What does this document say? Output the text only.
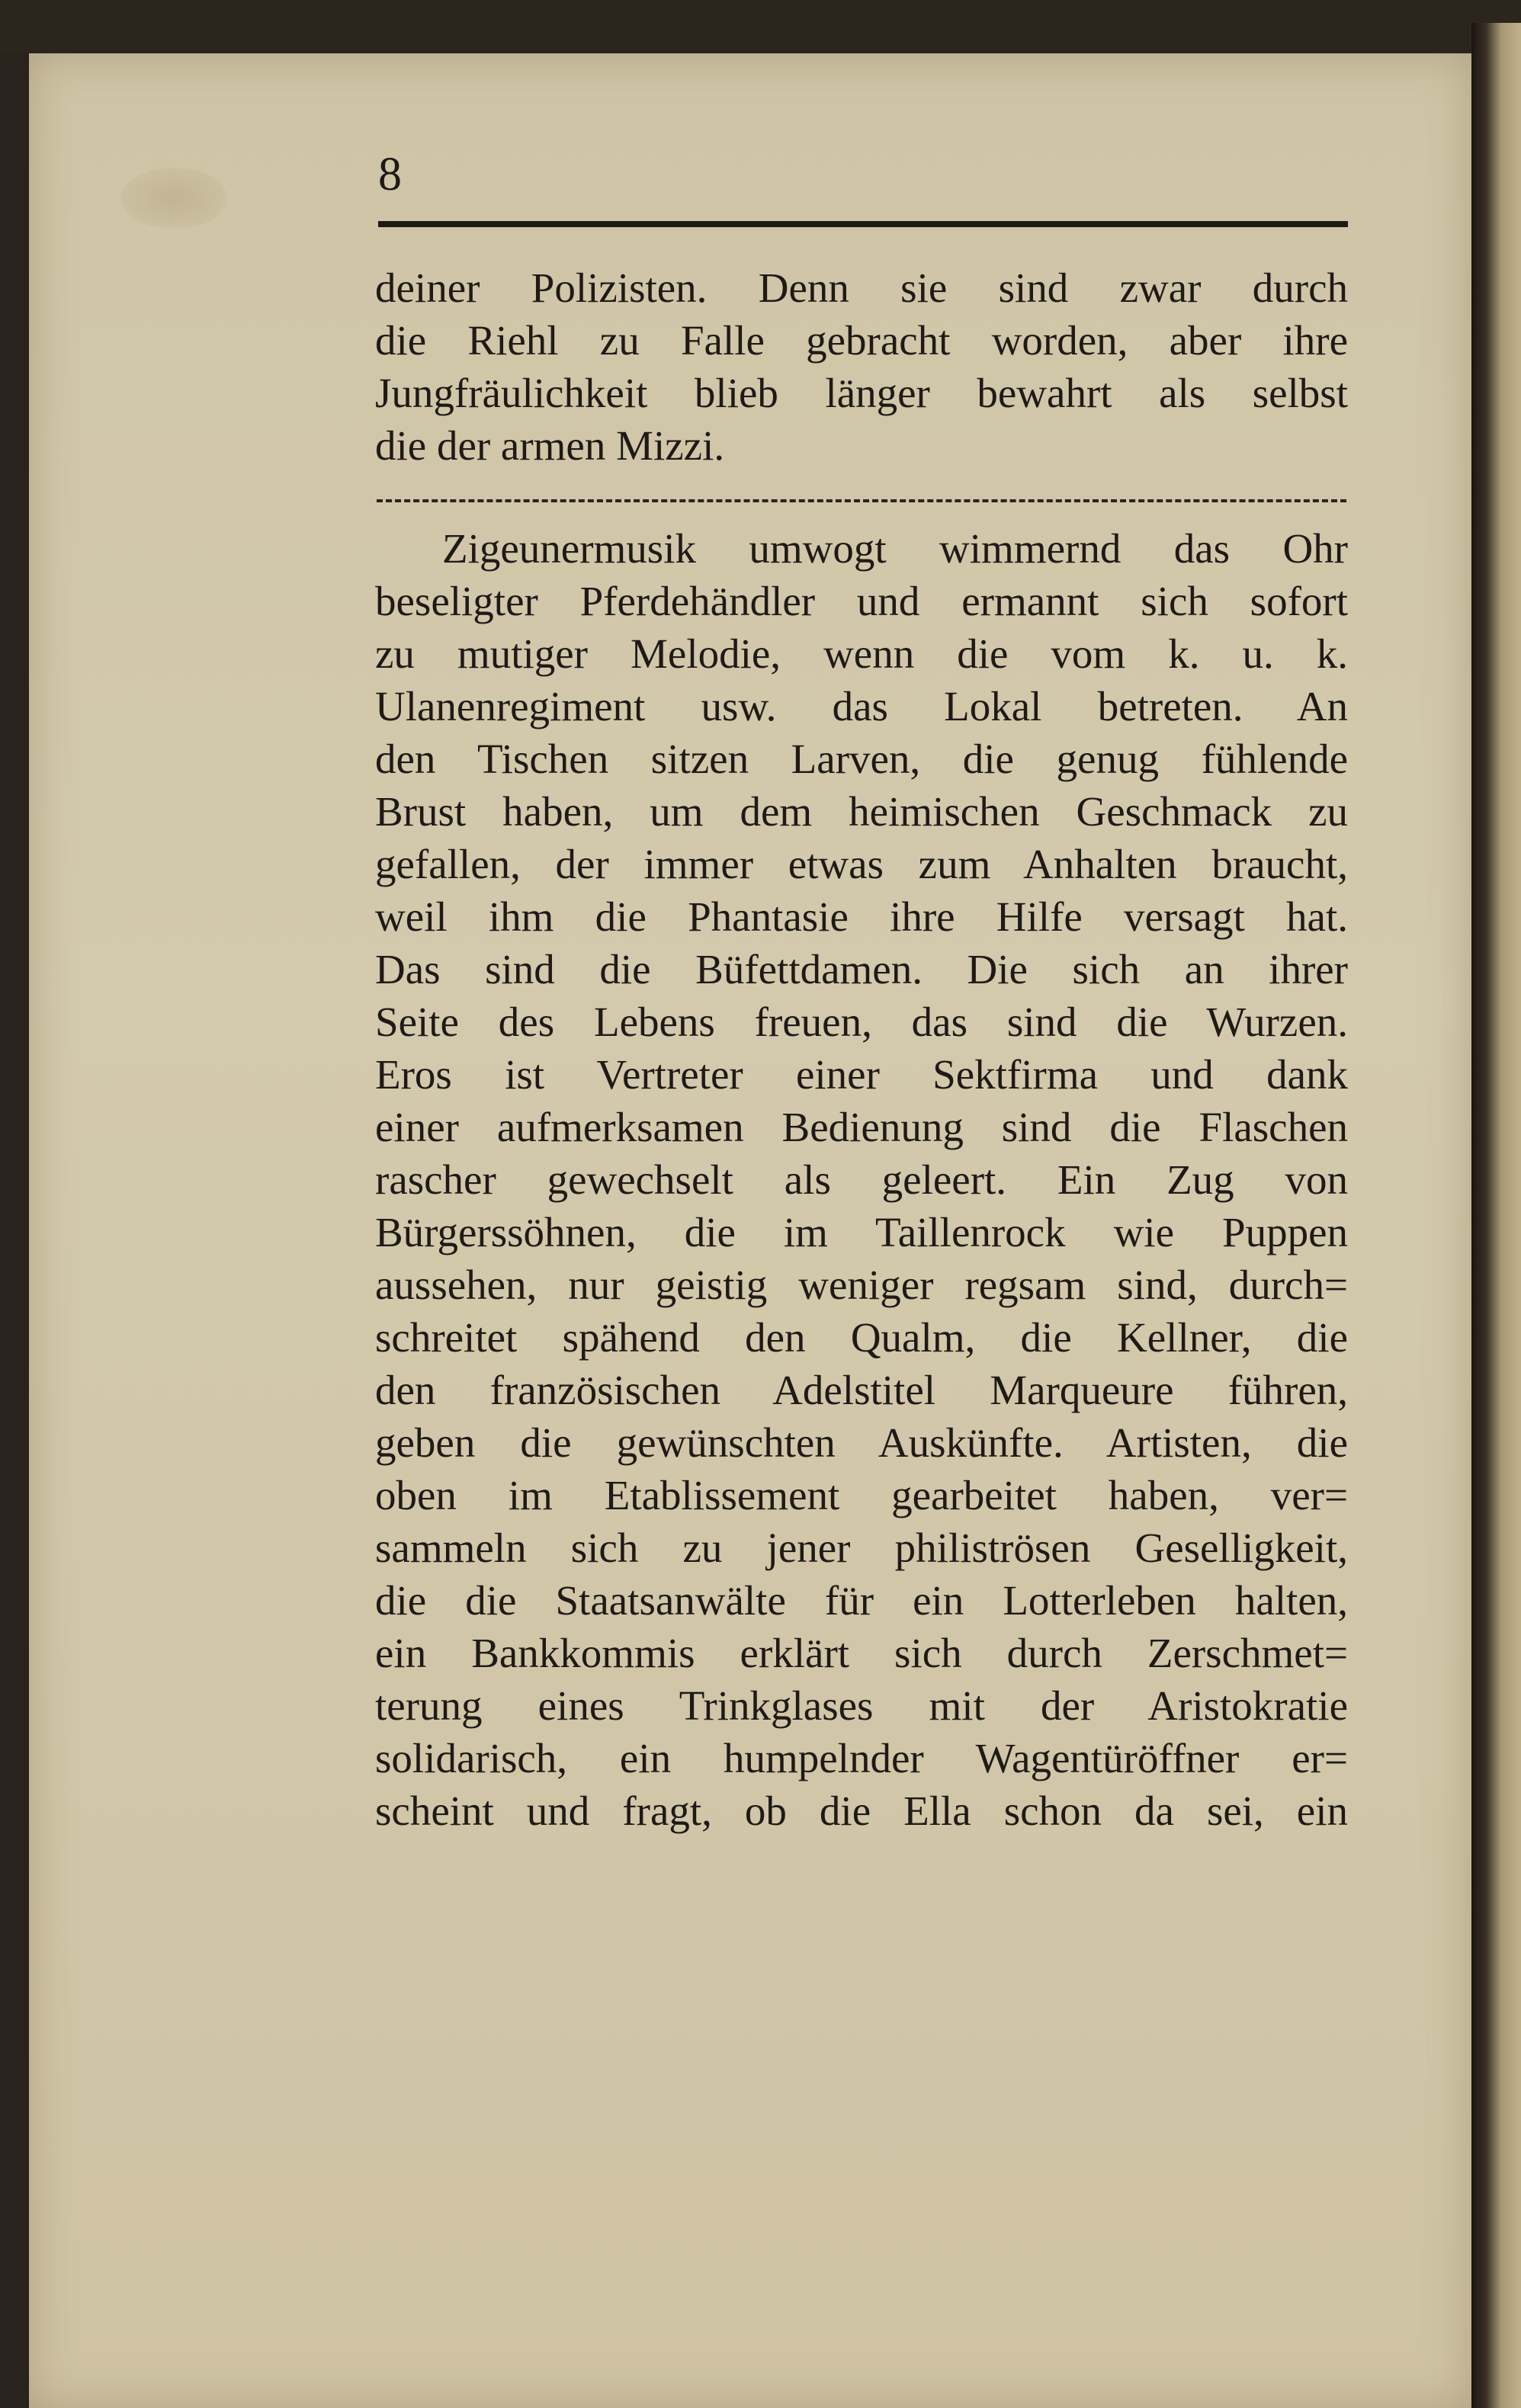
8
deiner Polizisten. Denn sie sind zwar durch
die Riehl zu Falle gebracht worden, aber ihre
Jungfräulichkeit blieb länger bewahrt als selbst
die der armen Mizzi.
Zigeunermusik umwogt wimmernd das Ohr
beseligter Pferdehändler und ermannt sich sofort
zu mutiger Melodie, wenn die vom k. u. k.
Ulanenregiment usw. das Lokal betreten. An
den Tischen sitzen Larven, die genug fühlende
Brust haben, um dem heimischen Geschmack zu
gefallen, der immer etwas zum Anhalten braucht,
weil ihm die Phantasie ihre Hilfe versagt hat.
Das sind die Büfettdamen. Die sich an ihrer
Seite des Lebens freuen, das sind die Wurzen.
Eros ist Vertreter einer Sektfirma und dank
einer aufmerksamen Bedienung sind die Flaschen
rascher gewechselt als geleert. Ein Zug von
Bürgerssöhnen, die im Taillenrock wie Puppen
aussehen, nur geistig weniger regsam sind, durch=
schreitet spähend den Qualm, die Kellner, die
den französischen Adelstitel Marqueure führen,
geben die gewünschten Auskünfte. Artisten, die
oben im Etablissement gearbeitet haben, ver=
sammeln sich zu jener philiströsen Geselligkeit,
die die Staatsanwälte für ein Lotterleben halten,
ein Bankkommis erklärt sich durch Zerschmet=
terung eines Trinkglases mit der Aristokratie
solidarisch, ein humpelnder Wagentüröffner er=
scheint und fragt, ob die Ella schon da sei, ein
